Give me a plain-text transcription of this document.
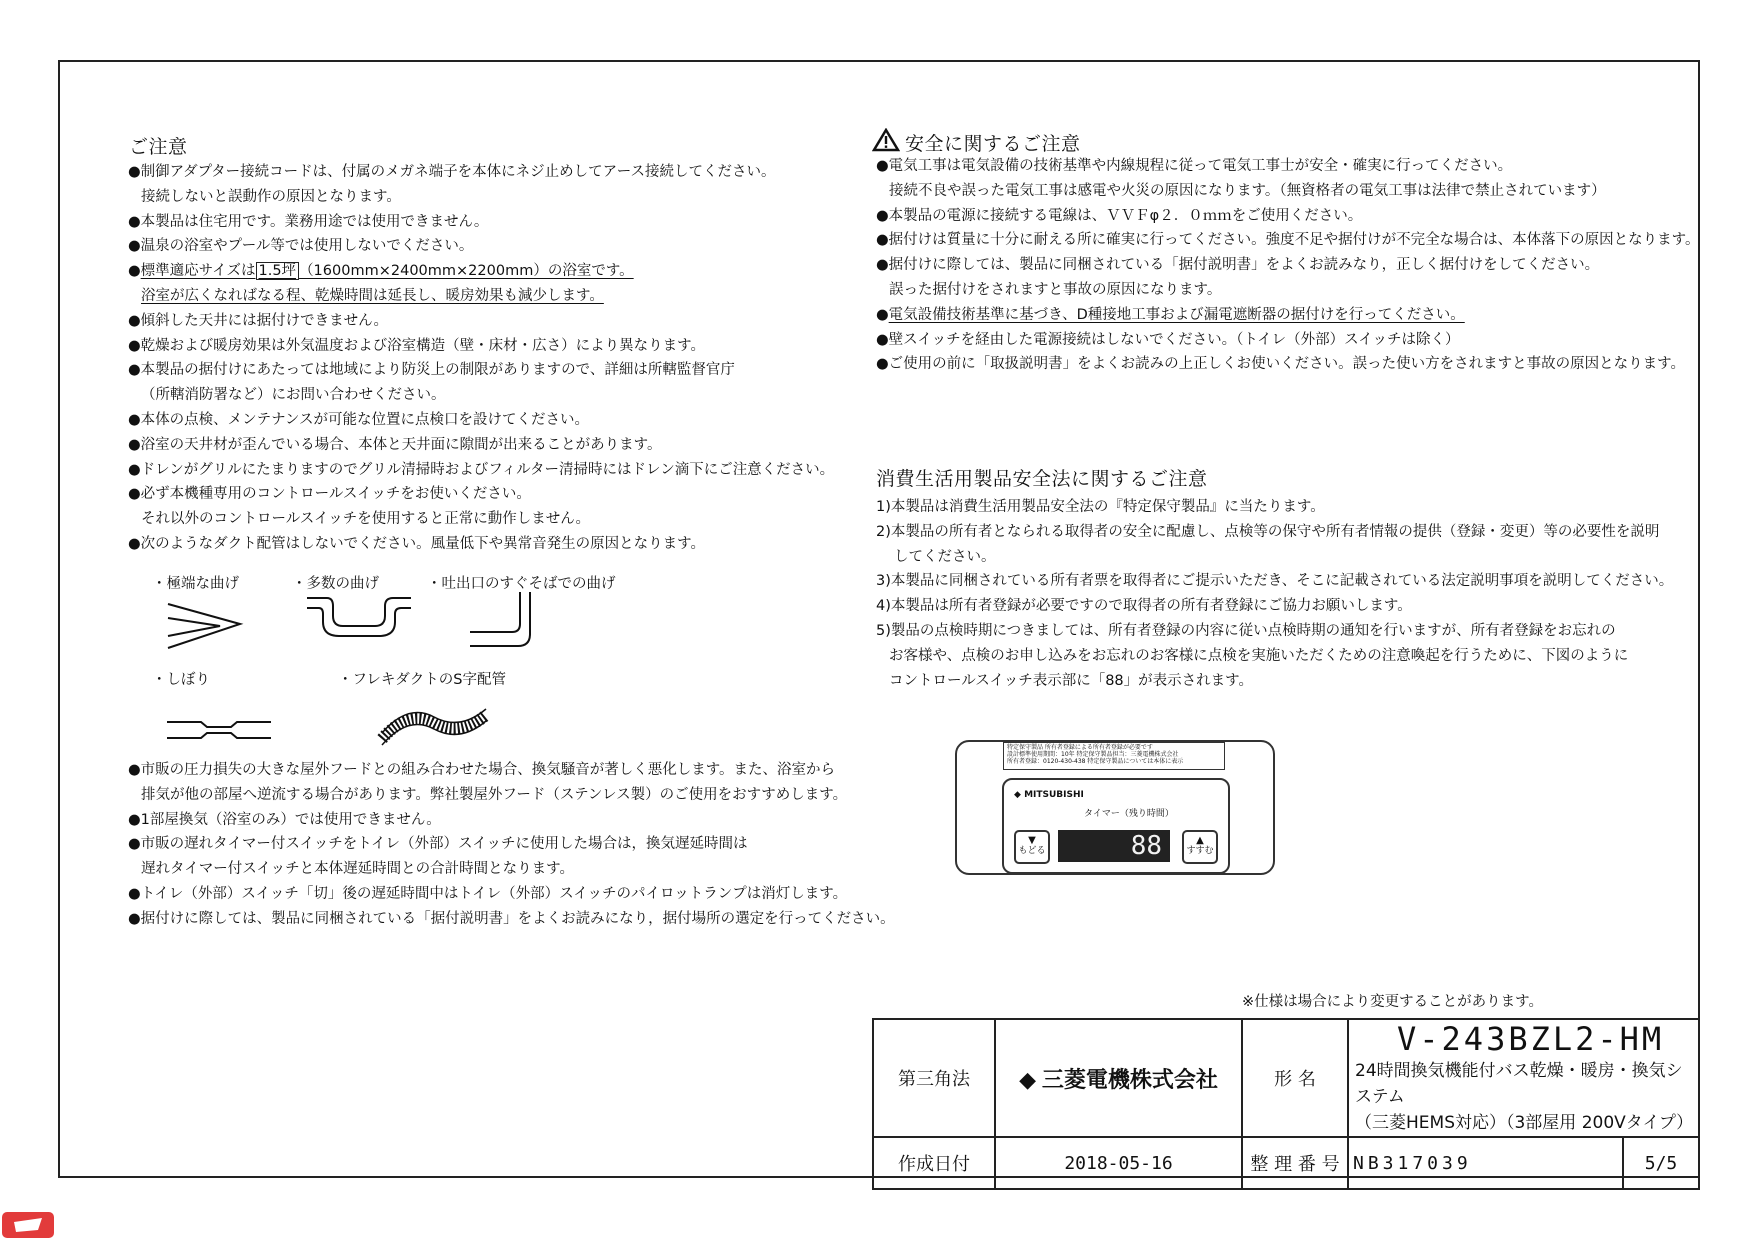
ご注意
●制御アダプター接続コードは、付属のメガネ端子を本体にネジ止めしてアース接続してください。
接続しないと誤動作の原因となります。
●本製品は住宅用です。業務用途では使用できません。
●温泉の浴室やプール等では使用しないでください。
●標準適応サイズは 1.5坪 （1600mm×2400mm×2200mm）の浴室です。
浴室が広くなればなる程、乾燥時間は延長し、暖房効果も減少します。
●傾斜した天井には据付けできません。
●乾燥および暖房効果は外気温度および浴室構造（壁・床材・広さ）により異なります。
●本製品の据付けにあたっては地域により防災上の制限がありますので、詳細は所轄監督官庁
（所轄消防署など）にお問い合わせください。
●本体の点検、メンテナンスが可能な位置に点検口を設けてください。
●浴室の天井材が歪んでいる場合、本体と天井面に隙間が出来ることがあります。
●ドレンがグリルにたまりますのでグリル清掃時およびフィルター清掃時にはドレン滴下にご注意ください。
●必ず本機種専用のコントロールスイッチをお使いください。
それ以外のコントロールスイッチを使用すると正常に動作しません。
●次のようなダクト配管はしないでください。風量低下や異常音発生の原因となります。
・極端な曲げ	・多数の曲げ	・吐出口のすぐそばでの曲げ
・しぼり	・フレキダクトのS字配管
●市販の圧力損失の大きな屋外フードとの組み合わせた場合、換気騒音が著しく悪化します。また、浴室から
排気が他の部屋へ逆流する場合があります。弊社製屋外フード（ステンレス製）のご使用をおすすめします。
●1部屋換気（浴室のみ）では使用できません。
●市販の遅れタイマー付スイッチをトイレ（外部）スイッチに使用した場合は，換気遅延時間は
遅れタイマー付スイッチと本体遅延時間との合計時間となります。
●トイレ（外部）スイッチ「切」後の遅延時間中はトイレ（外部）スイッチのパイロットランプは消灯します。
●据付けに際しては、製品に同梱されている「据付説明書」をよくお読みになり，据付場所の選定を行ってください。
安全に関するご注意
●電気工事は電気設備の技術基準や内線規程に従って電気工事士が安全・確実に行ってください。
接続不良や誤った電気工事は感電や火災の原因になります。（無資格者の電気工事は法律で禁止されています）
●本製品の電源に接続する電線は、ＶＶＦφ２．０ｍｍをご使用ください。
●据付けは質量に十分に耐える所に確実に行ってください。強度不足や据付けが不完全な場合は、本体落下の原因となります。
●据付けに際しては、製品に同梱されている「据付説明書」をよくお読みなり，正しく据付けをしてください。
誤った据付けをされますと事故の原因になります。
●電気設備技術基準に基づき、D種接地工事および漏電遮断器の据付けを行ってください。
●壁スイッチを経由した電源接続はしないでください。（トイレ（外部）スイッチは除く）
●ご使用の前に「取扱説明書」をよくお読みの上正しくお使いください。誤った使い方をされますと事故の原因となります。
消費生活用製品安全法に関するご注意
1)本製品は消費生活用製品安全法の『特定保守製品』に当たります。
2)本製品の所有者となられる取得者の安全に配慮し、点検等の保守や所有者情報の提供（登録・変更）等の必要性を説明
してください。
3)本製品に同梱されている所有者票を取得者にご提示いただき、そこに記載されている法定説明事項を説明してください。
4)本製品は所有者登録が必要ですので取得者の所有者登録にご協力お願いします。
5)製品の点検時期につきましては、所有者登録の内容に従い点検時期の通知を行いますが、所有者登録をお忘れの
お客様や、点検のお申し込みをお忘れのお客様に点検を実施いただくための注意喚起を行うために、下図のように
コントロールスイッチ表示部に「88」が表示されます。
特定保守製品 所有者登録による所有者登録が必要です
設計標準使用期間：10年 特定保守製品担当：三菱電機株式会社
所有者登録：0120-430-438 特定保守製品については本体に表示
◆ MITSUBISHI
タイマー（残り時間）
▼
もどる	88	▲
すすむ
※仕様は場合により変更することがあります。
第三角法	◆ 三菱電機株式会社	形 名	V-243BZL2-HM
24時間換気機能付バス乾燥・暖房・換気システム
（三菱HEMS対応）（3部屋用 200Vタイプ）	

作成日付	2018-05-16	整 理 番 号	NB317039	5/5
